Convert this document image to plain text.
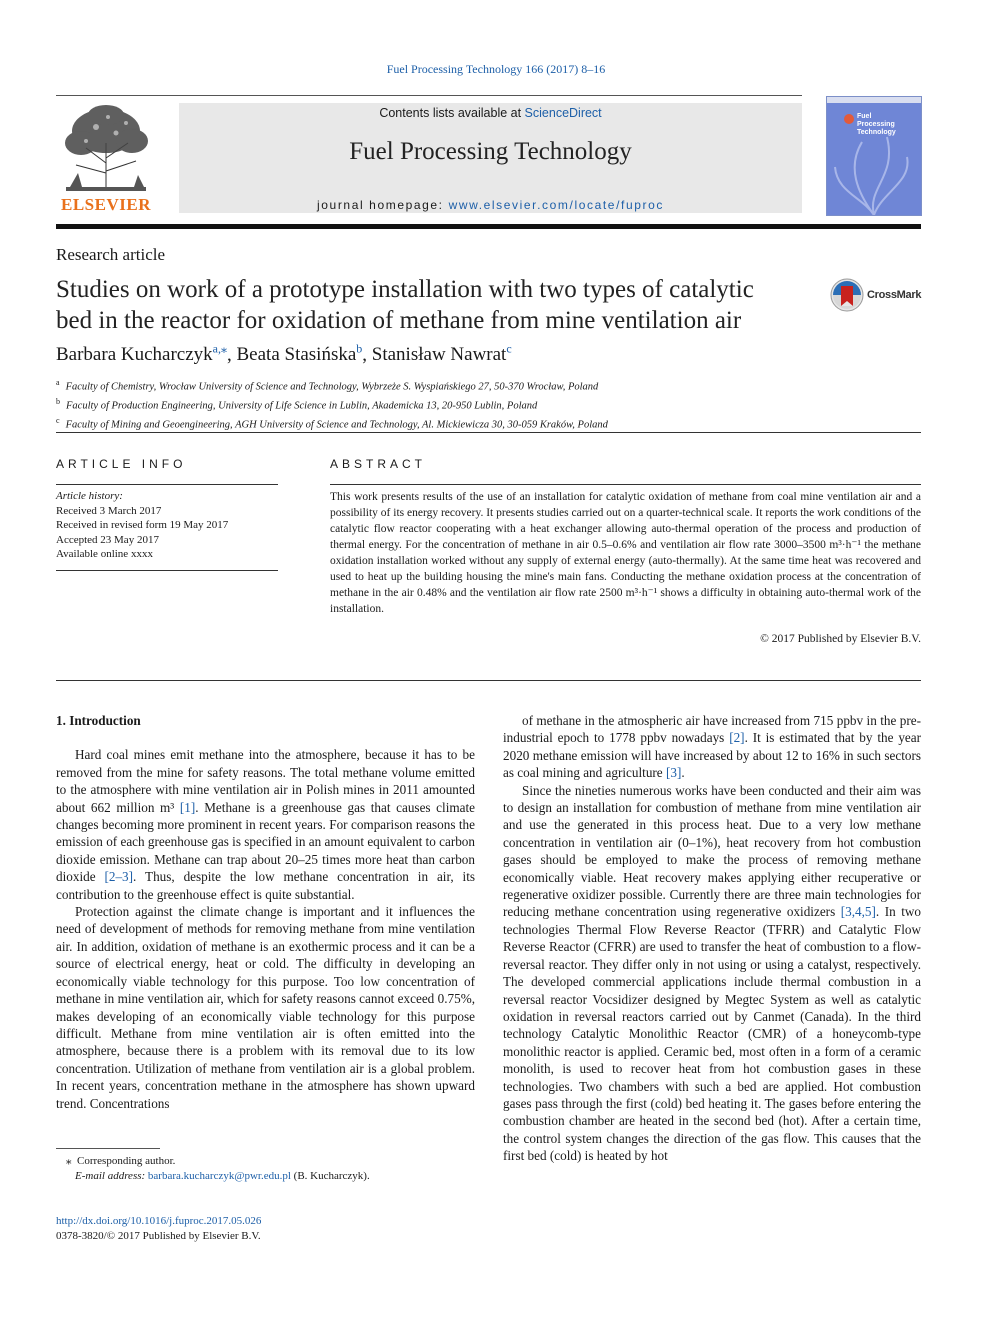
Fuel Processing Technology 166 (2017) 8–16
ELSEVIER
Contents lists available at ScienceDirect
Fuel Processing Technology
journal homepage: www.elsevier.com/locate/fuproc
Fuel
Processing
Technology
Research article
Studies on work of a prototype installation with two types of catalytic bed in the reactor for oxidation of methane from mine ventilation air
CrossMark
Barbara Kucharczyk$^{a,⁎}$, Beata Stasińska$^b$, Stanisław Nawrat$^c$
$^a$ Faculty of Chemistry, Wrocław University of Science and Technology, Wybrzeże S. Wyspiańskiego 27, 50-370 Wrocław, Poland
$^b$ Faculty of Production Engineering, University of Life Science in Lublin, Akademicka 13, 20-950 Lublin, Poland
$^c$ Faculty of Mining and Geoengineering, AGH University of Science and Technology, Al. Mickiewicza 30, 30-059 Kraków, Poland
ARTICLE INFO
Article history:
Received 3 March 2017
Received in revised form 19 May 2017
Accepted 23 May 2017
Available online xxxx
ABSTRACT
This work presents results of the use of an installation for catalytic oxidation of methane from coal mine ventilation air and a possibility of its energy recovery. It presents studies carried out on a quarter-technical scale. It reports the work conditions of the catalytic flow reactor cooperating with a heat exchanger allowing auto-thermal operation of the process and production of thermal energy. For the concentration of methane in air 0.5–0.6% and ventilation air flow rate 3000–3500 m³·h⁻¹ the methane oxidation installation worked without any supply of external energy (auto-thermally). At the same time heat was recovered and used to heat up the building housing the mine's main fans. Conducting the methane oxidation process at the concentration of methane in the air 0.48% and the ventilation air flow rate 2500 m³·h⁻¹ shows a difficulty in obtaining auto-thermal work of the installation.
© 2017 Published by Elsevier B.V.
1. Introduction

Hard coal mines emit methane into the atmosphere, because it has to be removed from the mine for safety reasons. The total methane volume emitted to the atmosphere with mine ventilation air in Polish mines in 2011 amounted about 662 million m³ [1]. Methane is a greenhouse gas that causes climate changes becoming more prominent in recent years. For comparison reasons the emission of each greenhouse gas is specified in an amount equivalent to carbon dioxide emission. Methane can trap about 20–25 times more heat than carbon dioxide [2–3]. Thus, despite the low methane concentration in air, its contribution to the greenhouse effect is quite substantial.

Protection against the climate change is important and it influences the need of development of methods for removing methane from mine ventilation air. In addition, oxidation of methane is an exothermic process and it can be a source of electrical energy, heat or cold. The difficulty in developing an economically viable technology for this purpose. Too low concentration of methane in mine ventilation air, which for safety reasons cannot exceed 0.75%, makes developing of an economically viable technology for this purpose difficult. Methane from mine ventilation air is often emitted into the atmosphere, because there is a problem with its removal due to its low concentration. Utilization of methane from ventilation air is a global problem. In recent years, concentration methane in the atmosphere has shown upward trend. Concentrations

of methane in the atmospheric air have increased from 715 ppbv in the pre-industrial epoch to 1778 ppbv nowadays [2]. It is estimated that by the year 2020 methane emission will have increased by about 12 to 16% in such sectors as coal mining and agriculture [3].

Since the nineties numerous works have been conducted and their aim was to design an installation for combustion of methane from mine ventilation air and use the generated in this process heat. Due to a very low methane concentration in ventilation air (0–1%), heat recovery from hot combustion gases should be employed to make the process of removing methane economically viable. Heat recovery makes applying either recuperative or regenerative oxidizer possible. Currently there are three main technologies for reducing methane concentration using regenerative oxidizers [3,4,5]. In two technologies Thermal Flow Reverse Reactor (TFRR) and Catalytic Flow Reverse Reactor (CFRR) are used to transfer the heat of combustion to a flow-reversal reactor. They differ only in not using or using a catalyst, respectively. The developed commercial applications include thermal combustion in a reversal reactor Vocsidizer designed by Megtec System as well as catalytic oxidation in reversal reactors carried out by Canmet (Canada). In the third technology Catalytic Monolithic Reactor (CMR) of a honeycomb-type monolithic reactor is applied. Ceramic bed, most often in a form of a ceramic monolith, is used to recover heat from hot combustion gases in these technologies. Two chambers with such a bed are applied. Hot combustion gases pass through the first (cold) bed heating it. The gases before entering the combustion chamber are heated in the second bed (hot). After a certain time, the control system changes the direction of the gas flow. This causes that the first bed (cold) is heated by hot

⁎ Corresponding author.
E-mail address: barbara.kucharczyk@pwr.edu.pl (B. Kucharczyk).
http://dx.doi.org/10.1016/j.fuproc.2017.05.026
0378-3820/© 2017 Published by Elsevier B.V.
